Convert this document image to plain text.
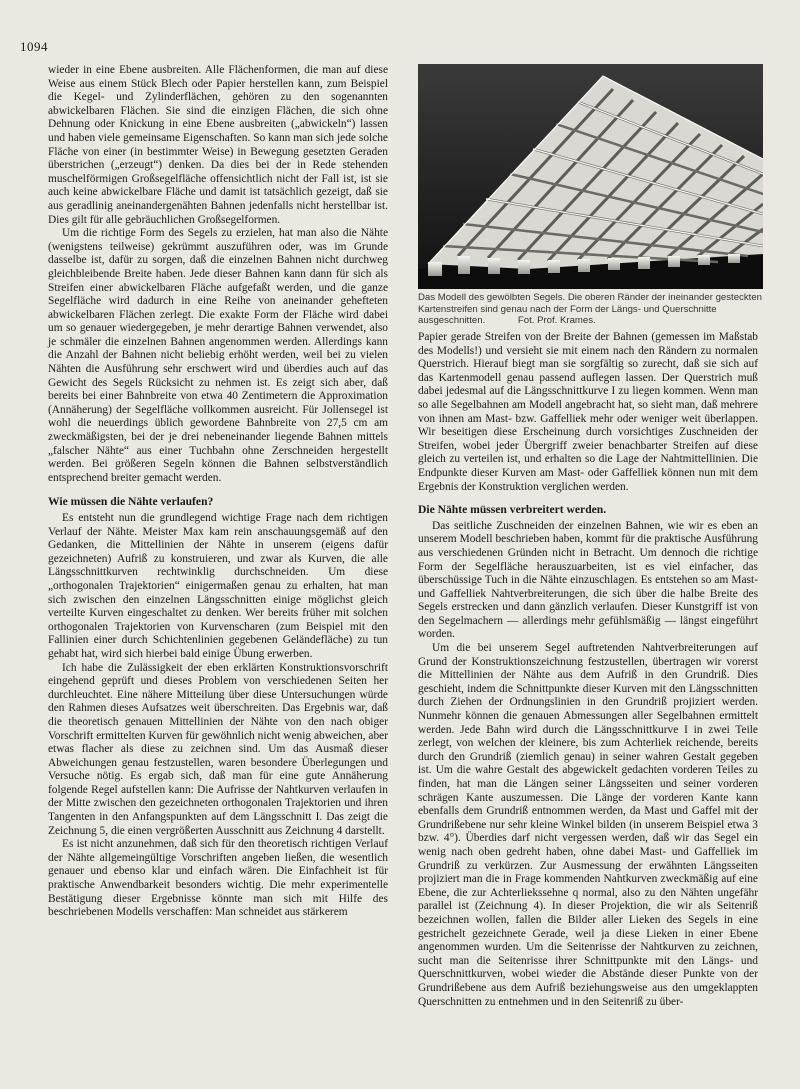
1094

wieder in eine Ebene ausbreiten. Alle Flächenformen, die man auf diese Weise aus einem Stück Blech oder Papier herstellen kann, zum Beispiel die Kegel- und Zylinderflächen, gehören zu den sogenannten abwickelbaren Flächen. Sie sind die einzigen Flächen, die sich ohne Dehnung oder Knickung in eine Ebene ausbreiten („abwickeln“) lassen und haben viele gemeinsame Eigenschaften. So kann man sich jede solche Fläche von einer (in bestimmter Weise) in Bewegung gesetzten Geraden überstrichen („erzeugt“) denken. Da dies bei der in Rede stehenden muschelförmigen Großsegelfläche offensichtlich nicht der Fall ist, ist sie auch keine abwickelbare Fläche und damit ist tatsächlich gezeigt, daß sie aus geradlinig aneinandergenähten Bahnen jedenfalls nicht herstellbar ist. Dies gilt für alle gebräuchlichen Großsegelformen.

Um die richtige Form des Segels zu erzielen, hat man also die Nähte (wenigstens teilweise) gekrümmt auszuführen oder, was im Grunde dasselbe ist, dafür zu sorgen, daß die einzelnen Bahnen nicht durchweg gleichbleibende Breite haben. Jede dieser Bahnen kann dann für sich als Streifen einer abwickelbaren Fläche aufgefaßt werden, und die ganze Segelfläche wird dadurch in eine Reihe von aneinander gehefteten abwickelbaren Flächen zerlegt. Die exakte Form der Fläche wird dabei um so genauer wiedergegeben, je mehr derartige Bahnen verwendet, also je schmäler die einzelnen Bahnen angenommen werden. Allerdings kann die Anzahl der Bahnen nicht beliebig erhöht werden, weil bei zu vielen Nähten die Ausführung sehr erschwert wird und überdies auch auf das Gewicht des Segels Rücksicht zu nehmen ist. Es zeigt sich aber, daß bereits bei einer Bahnbreite von etwa 40 Zentimetern die Approximation (Annäherung) der Segelfläche vollkommen ausreicht. Für Jollensegel ist wohl die neuerdings üblich gewordene Bahnbreite von 27,5 cm am zweckmäßigsten, bei der je drei nebeneinander liegende Bahnen mittels „falscher Nähte“ aus einer Tuchbahn ohne Zerschneiden hergestellt werden. Bei größeren Segeln können die Bahnen selbstverständlich entsprechend breiter gemacht werden.

Wie müssen die Nähte verlaufen?

Es entsteht nun die grundlegend wichtige Frage nach dem richtigen Verlauf der Nähte. Meister Max kam rein anschauungsgemäß auf den Gedanken, die Mittellinien der Nähte in unserem (eigens dafür gezeichneten) Aufriß zu konstruieren, und zwar als Kurven, die alle Längsschnittkurven rechtwinklig durchschneiden. Um diese „orthogonalen Trajektorien“ einigermaßen genau zu erhalten, hat man sich zwischen den einzelnen Längsschnitten einige möglichst gleich verteilte Kurven eingeschaltet zu denken. Wer bereits früher mit solchen orthogonalen Trajektorien von Kurvenscharen (zum Beispiel mit den Fallinien einer durch Schichtenlinien gegebenen Geländefläche) zu tun gehabt hat, wird sich hierbei bald einige Übung erwerben.

Ich habe die Zulässigkeit der eben erklärten Konstruktionsvorschrift eingehend geprüft und dieses Problem von verschiedenen Seiten her durchleuchtet. Eine nähere Mitteilung über diese Untersuchungen würde den Rahmen dieses Aufsatzes weit überschreiten. Das Ergebnis war, daß die theoretisch genauen Mittellinien der Nähte von den nach obiger Vorschrift ermittelten Kurven für gewöhnlich nicht wenig abweichen, aber etwas flacher als diese zu zeichnen sind. Um das Ausmaß dieser Abweichungen genau festzustellen, waren besondere Überlegungen und Versuche nötig. Es ergab sich, daß man für eine gute Annäherung folgende Regel aufstellen kann: Die Aufrisse der Nahtkurven verlaufen in der Mitte zwischen den gezeichneten orthogonalen Trajektorien und ihren Tangenten in den Anfangspunkten auf dem Längsschnitt I. Das zeigt die Zeichnung 5, die einen vergrößerten Ausschnitt aus Zeichnung 4 darstellt.

Es ist nicht anzunehmen, daß sich für den theoretisch richtigen Verlauf der Nähte allgemeingültige Vorschriften angeben ließen, die wesentlich genauer und ebenso klar und einfach wären. Die Einfachheit ist für praktische Anwendbarkeit besonders wichtig. Die mehr experimentelle Bestätigung dieser Ergebnisse könnte man sich mit Hilfe des beschriebenen Modells verschaffen: Man schneidet aus stärkerem

Das Modell des gewölbten Segels. Die oberen Ränder der ineinander gesteckten Kartenstreifen sind genau nach der Form der Längs- und Querschnitte ausgeschnitten.	Fot. Prof. Krames.

Papier gerade Streifen von der Breite der Bahnen (gemessen im Maßstab des Modells!) und versieht sie mit einem nach den Rändern zu normalen Querstrich. Hierauf biegt man sie sorgfältig so zurecht, daß sie sich auf das Kartenmodell genau passend auflegen lassen. Der Querstrich muß dabei jedesmal auf die Längsschnittkurve I zu liegen kommen. Wenn man so alle Segelbahnen am Modell angebracht hat, so sieht man, daß mehrere von ihnen am Mast- bzw. Gaffelliek mehr oder weniger weit überlappen. Wir beseitigen diese Erscheinung durch vorsichtiges Zuschneiden der Streifen, wobei jeder Übergriff zweier benachbarter Streifen auf diese gleich zu verteilen ist, und erhalten so die Lage der Nahtmittellinien. Die Endpunkte dieser Kurven am Mast- oder Gaffelliek können nun mit dem Ergebnis der Konstruktion verglichen werden.

Die Nähte müssen verbreitert werden.

Das seitliche Zuschneiden der einzelnen Bahnen, wie wir es eben an unserem Modell beschrieben haben, kommt für die praktische Ausführung aus verschiedenen Gründen nicht in Betracht. Um dennoch die richtige Form der Segelfläche herauszuarbeiten, ist es viel einfacher, das überschüssige Tuch in die Nähte einzuschlagen. Es entstehen so am Mast- und Gaffelliek Nahtverbreiterungen, die sich über die halbe Breite des Segels erstrecken und dann gänzlich verlaufen. Dieser Kunstgriff ist von den Segelmachern — allerdings mehr gefühlsmäßig — längst eingeführt worden.

Um die bei unserem Segel auftretenden Nahtverbreiterungen auf Grund der Konstruktionszeichnung festzustellen, übertragen wir vorerst die Mittellinien der Nähte aus dem Aufriß in den Grundriß. Dies geschieht, indem die Schnittpunkte dieser Kurven mit den Längsschnitten durch Ziehen der Ordnungslinien in den Grundriß projiziert werden. Nunmehr können die genauen Abmessungen aller Segelbahnen ermittelt werden. Jede Bahn wird durch die Längsschnittkurve I in zwei Teile zerlegt, von welchen der kleinere, bis zum Achterliek reichende, bereits durch den Grundriß (ziemlich genau) in seiner wahren Gestalt gegeben ist. Um die wahre Gestalt des abgewickelt gedachten vorderen Teiles zu finden, hat man die Längen seiner Längsseiten und seiner vorderen schrägen Kante auszumessen. Die Länge der vorderen Kante kann ebenfalls dem Grundriß entnommen werden, da Mast und Gaffel mit der Grundrißebene nur sehr kleine Winkel bilden (in unserem Beispiel etwa 3 bzw. 4°). Überdies darf nicht vergessen werden, daß wir das Segel ein wenig nach oben gedreht haben, ohne dabei Mast- und Gaffelliek im Grundriß zu verkürzen. Zur Ausmessung der erwähnten Längsseiten projiziert man die in Frage kommenden Nahtkurven zweckmäßig auf eine Ebene, die zur Achterliekssehne q normal, also zu den Nähten ungefähr parallel ist (Zeichnung 4). In dieser Projektion, die wir als Seitenriß bezeichnen wollen, fallen die Bilder aller Lieken des Segels in eine gestrichelt gezeichnete Gerade, weil ja diese Lieken in einer Ebene angenommen wurden. Um die Seitenrisse der Nahtkurven zu zeichnen, sucht man die Seitenrisse ihrer Schnittpunkte mit den Längs- und Querschnittkurven, wobei wieder die Abstände dieser Punkte von der Grundrißebene aus dem Aufriß beziehungsweise aus den umgeklappten Querschnitten zu entnehmen und in den Seitenriß zu über-
